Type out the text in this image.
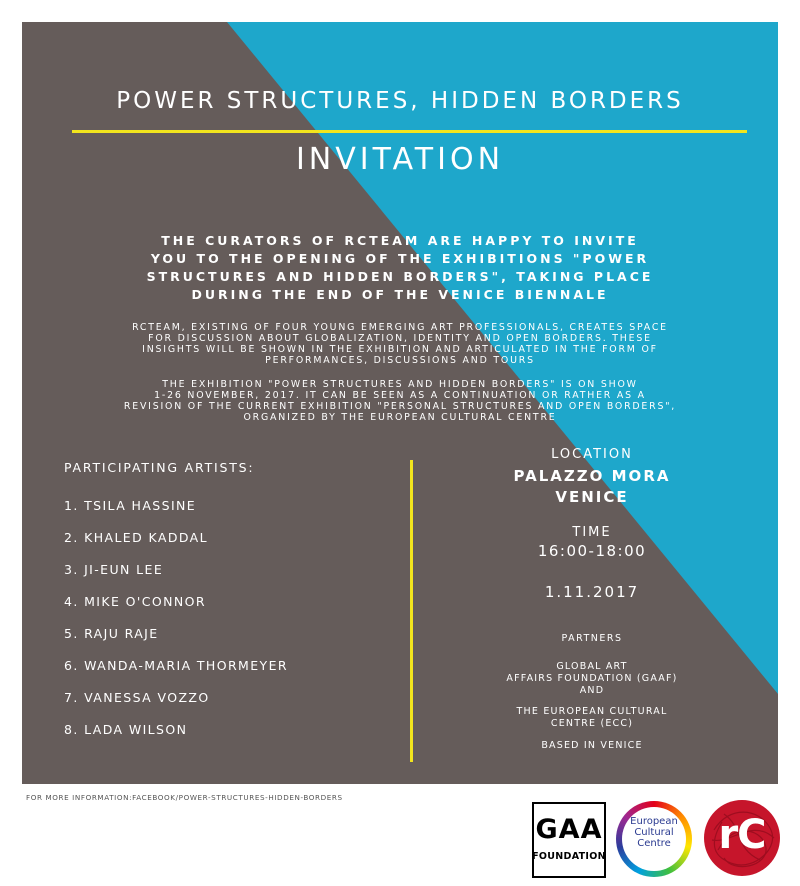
POWER STRUCTURES, HIDDEN BORDERS
INVITATION
THE CURATORS OF RCTEAM ARE HAPPY TO INVITE
YOU TO THE OPENING OF THE EXHIBITIONS "POWER
STRUCTURES AND HIDDEN BORDERS", TAKING PLACE
DURING THE END OF THE VENICE BIENNALE
RCTEAM, EXISTING OF FOUR YOUNG EMERGING ART PROFESSIONALS, CREATES SPACE
FOR DISCUSSION ABOUT GLOBALIZATION, IDENTITY AND OPEN BORDERS. THESE
INSIGHTS WILL BE SHOWN IN THE EXHIBITION AND ARTICULATED IN THE FORM OF
PERFORMANCES, DISCUSSIONS AND TOURS
THE EXHIBITION "POWER STRUCTURES AND HIDDEN BORDERS" IS ON SHOW
1-26 NOVEMBER, 2017. IT CAN BE SEEN AS A CONTINUATION OR RATHER AS A
REVISION OF THE CURRENT EXHIBITION "PERSONAL STRUCTURES AND OPEN BORDERS",
ORGANIZED BY THE EUROPEAN CULTURAL CENTRE
PARTICIPATING ARTISTS:
1. TSILA HASSINE
2. KHALED KADDAL
3. JI-EUN LEE
4. MIKE O'CONNOR
5. RAJU RAJE
6. WANDA-MARIA THORMEYER
7. VANESSA VOZZO
8. LADA WILSON
LOCATION
PALAZZO MORA
VENICE
TIME
16:00-18:00
1.11.2017
PARTNERS
GLOBAL ART
AFFAIRS FOUNDATION (GAAF)
AND
THE EUROPEAN CULTURAL
CENTRE (ECC)
BASED IN VENICE
FOR MORE INFORMATION:FACEBOOK/POWER-STRUCTURES-HIDDEN-BORDERS
GAA
FOUNDATION
European
Cultural
Centre	rC
